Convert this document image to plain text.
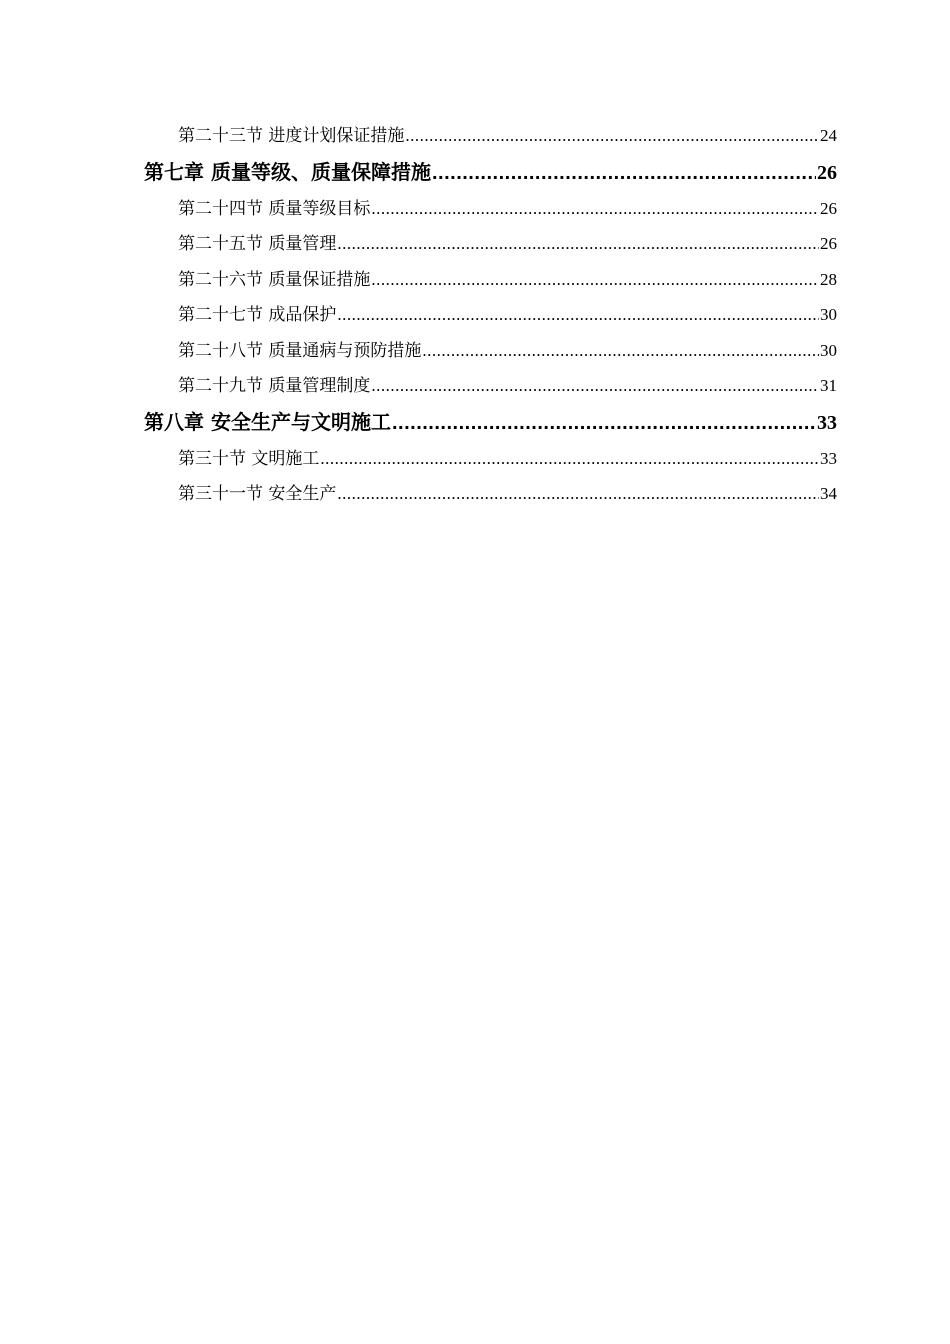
第二十三节 进度计划保证措施 .....	24
第七章 质量等级、质量保障措施 .....	26
第二十四节 质量等级目标 .....	26
第二十五节 质量管理 .....	26
第二十六节 质量保证措施 .....	28
第二十七节 成品保护 .....	30
第二十八节 质量通病与预防措施 .....	30
第二十九节 质量管理制度 .....	31
第八章 安全生产与文明施工 .....	33
第三十节 文明施工 .....	33
第三十一节 安全生产 .....	34
